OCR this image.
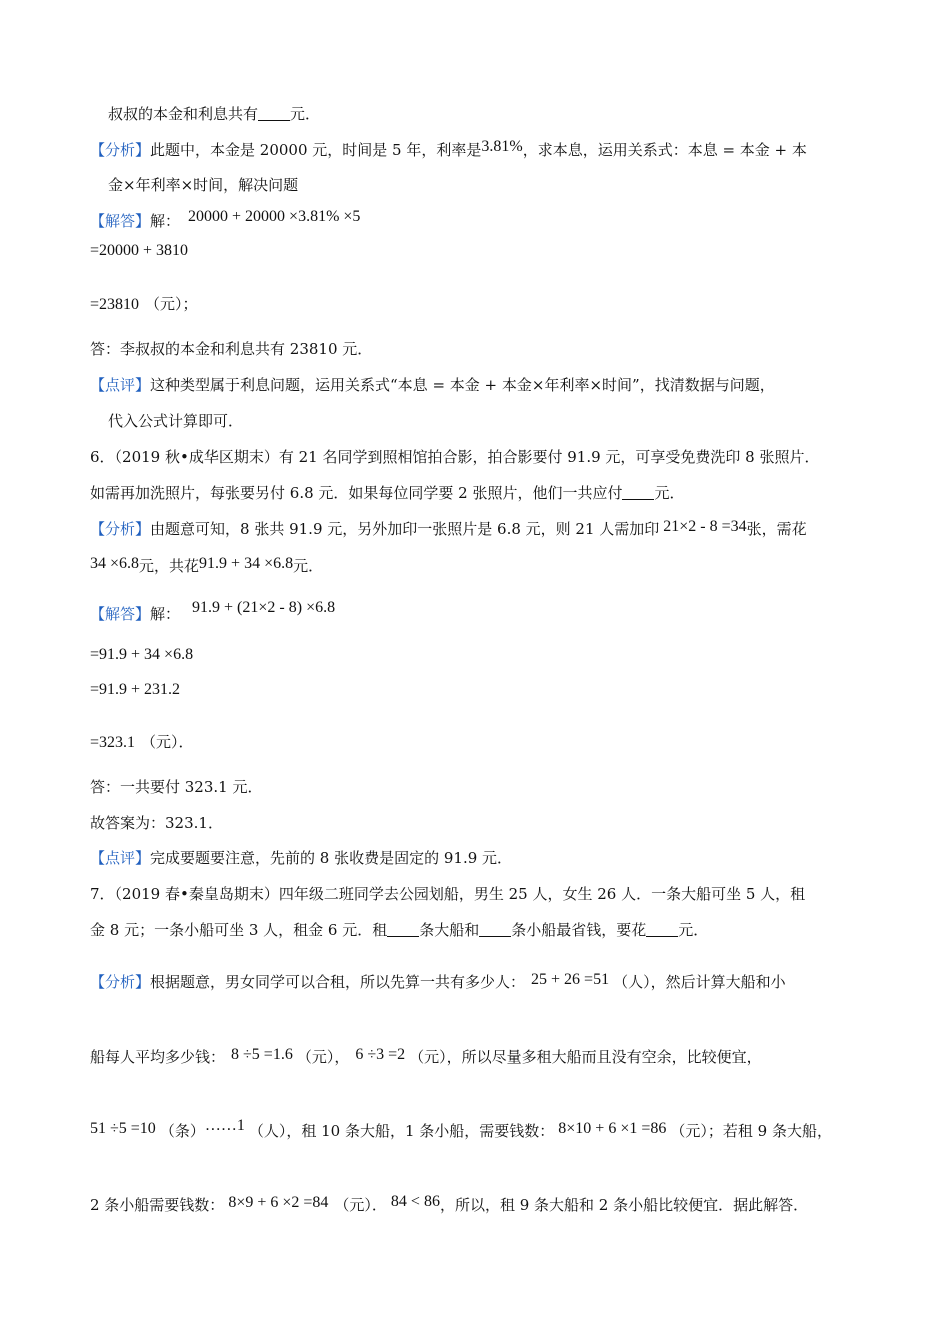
叔叔的本金和利息共有 元．
【分析】此题中，本金是 20000 元，时间是 5 年，利率是3.81%，求本息，运用关系式：本息 = 本金 + 本
金×年利率×时间，解决问题
【解答】解： 20000 + 20000 ×3.81% ×5
=20000 + 3810
=23810 （元）；
答：李叔叔的本金和利息共有 23810 元．
【点评】这种类型属于利息问题，运用关系式“本息 = 本金 + 本金×年利率×时间”，找清数据与问题，
代入公式计算即可．
6．（2019 秋•成华区期末）有 21 名同学到照相馆拍合影，拍合影要付 91.9 元，可享受免费洗印 8 张照片．
如需再加洗照片，每张要另付 6.8 元．如果每位同学要 2 张照片，他们一共应付 元．
【分析】由题意可知，8 张共 91.9 元，另外加印一张照片是 6.8 元，则 21 人需加印 21×2 - 8 =34张，需花
34 ×6.8元，共花91.9 + 34 ×6.8元．
【解答】解： 91.9 + (21×2 - 8) ×6.8
=91.9 + 34 ×6.8
=91.9 + 231.2
=323.1 （元）．
答：一共要付 323.1 元．
故答案为：323.1．
【点评】完成要题要注意，先前的 8 张收费是固定的 91.9 元．
7．（2019 春•秦皇岛期末）四年级二班同学去公园划船，男生 25 人，女生 26 人．一条大船可坐 5 人，租
金 8 元；一条小船可坐 3 人，租金 6 元．租 条大船和 条小船最省钱，要花 元．
【分析】根据题意，男女同学可以合租，所以先算一共有多少人： 25 + 26 =51 （人），然后计算大船和小
船每人平均多少钱： 8 ÷5 =1.6 （元）， 6 ÷3 =2 （元），所以尽量多租大船而且没有空余，比较便宜，
51 ÷5 =10 （条）……1 （人），租 10 条大船，1 条小船，需要钱数： 8×10 + 6 ×1 =86 （元）；若租 9 条大船，
2 条小船需要钱数： 8×9 + 6 ×2 =84 （元）． 84 < 86，所以，租 9 条大船和 2 条小船比较便宜．据此解答．
